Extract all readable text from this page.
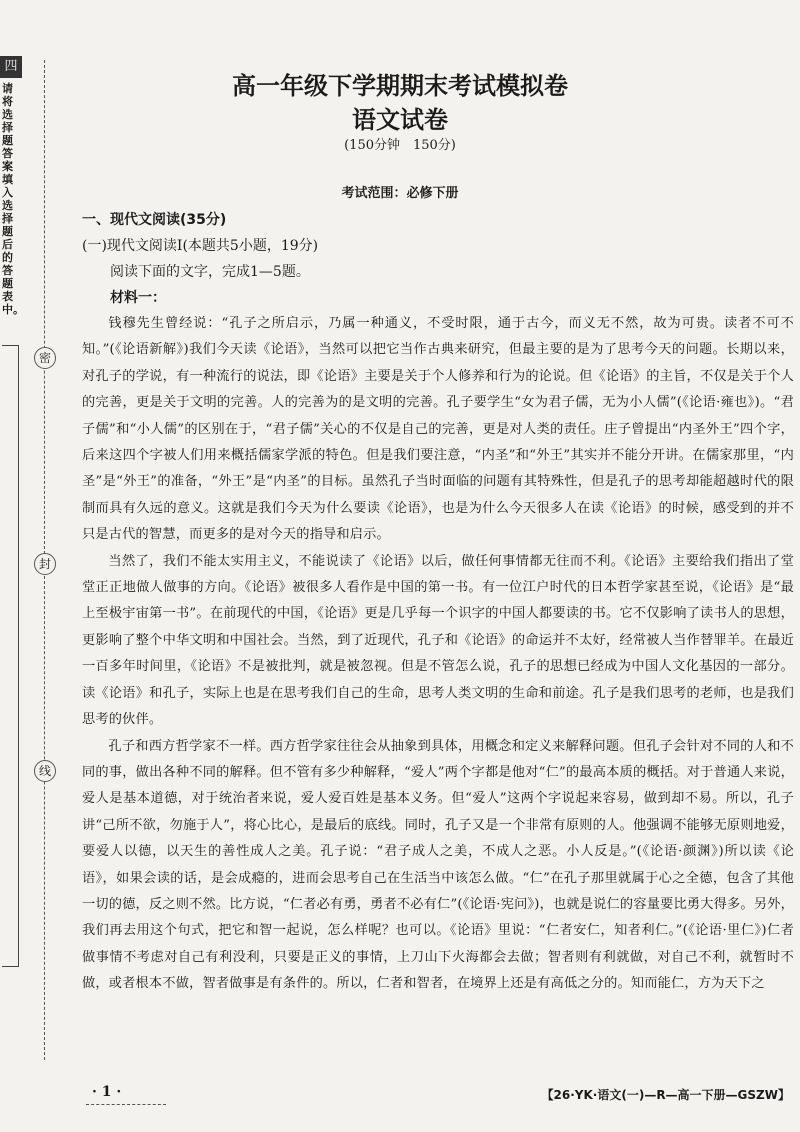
四
请将选择题答案填入选择题后的答题表中。
密
封
线
高一年级下学期期末考试模拟卷
语文试卷
(150分钟　150分)
考试范围：必修下册
一、现代文阅读(35分)
(一)现代文阅读Ⅰ(本题共5小题，19分)
阅读下面的文字，完成1—5题。
材料一：

钱穆先生曾经说：“孔子之所启示，乃属一种通义，不受时限，通于古今，而义无不然，故为可贵。读者不可不知。”(《论语新解》)我们今天读《论语》，当然可以把它当作古典来研究，但最主要的是为了思考今天的问题。长期以来，对孔子的学说，有一种流行的说法，即《论语》主要是关于个人修养和行为的论说。但《论语》的主旨，不仅是关于个人的完善，更是关于文明的完善。人的完善为的是文明的完善。孔子要学生“女为君子儒，无为小人儒”(《论语·雍也》)。“君子儒”和“小人儒”的区别在于，“君子儒”关心的不仅是自己的完善，更是对人类的责任。庄子曾提出“内圣外王”四个字，后来这四个字被人们用来概括儒家学派的特色。但是我们要注意，“内圣”和“外王”其实并不能分开讲。在儒家那里，“内圣”是“外王”的准备，“外王”是“内圣”的目标。虽然孔子当时面临的问题有其特殊性，但是孔子的思考却能超越时代的限制而具有久远的意义。这就是我们今天为什么要读《论语》，也是为什么今天很多人在读《论语》的时候，感受到的并不只是古代的智慧，而更多的是对今天的指导和启示。

当然了，我们不能太实用主义，不能说读了《论语》以后，做任何事情都无往而不利。《论语》主要给我们指出了堂堂正正地做人做事的方向。《论语》被很多人看作是中国的第一书。有一位江户时代的日本哲学家甚至说，《论语》是“最上至极宇宙第一书”。在前现代的中国，《论语》更是几乎每一个识字的中国人都要读的书。它不仅影响了读书人的思想，更影响了整个中华文明和中国社会。当然，到了近现代，孔子和《论语》的命运并不太好，经常被人当作替罪羊。在最近一百多年时间里，《论语》不是被批判，就是被忽视。但是不管怎么说，孔子的思想已经成为中国人文化基因的一部分。读《论语》和孔子，实际上也是在思考我们自己的生命，思考人类文明的生命和前途。孔子是我们思考的老师，也是我们思考的伙伴。

孔子和西方哲学家不一样。西方哲学家往往会从抽象到具体，用概念和定义来解释问题。但孔子会针对不同的人和不同的事，做出各种不同的解释。但不管有多少种解释，“爱人”两个字都是他对“仁”的最高本质的概括。对于普通人来说，爱人是基本道德，对于统治者来说，爱人爱百姓是基本义务。但“爱人”这两个字说起来容易，做到却不易。所以，孔子讲“己所不欲，勿施于人”，将心比心，是最后的底线。同时，孔子又是一个非常有原则的人。他强调不能够无原则地爱，要爱人以德，以天生的善性成人之美。孔子说：“君子成人之美，不成人之恶。小人反是。”(《论语·颜渊》)所以读《论语》，如果会读的话，是会成瘾的，进而会思考自己在生活当中该怎么做。“仁”在孔子那里就属于心之全德，包含了其他一切的德，反之则不然。比方说，“仁者必有勇，勇者不必有仁”(《论语·宪问》)，也就是说仁的容量要比勇大得多。另外，我们再去用这个句式，把它和智一起说，怎么样呢？也可以。《论语》里说：“仁者安仁，知者利仁。”(《论语·里仁》)仁者做事情不考虑对自己有利没利，只要是正义的事情，上刀山下火海都会去做；智者则有利就做，对自己不利，就暂时不做，或者根本不做，智者做事是有条件的。所以，仁者和智者，在境界上还是有高低之分的。知而能仁，方为天下之

· 1 ·	【26·YK·语文(一)—R—高一下册—GSZW】
